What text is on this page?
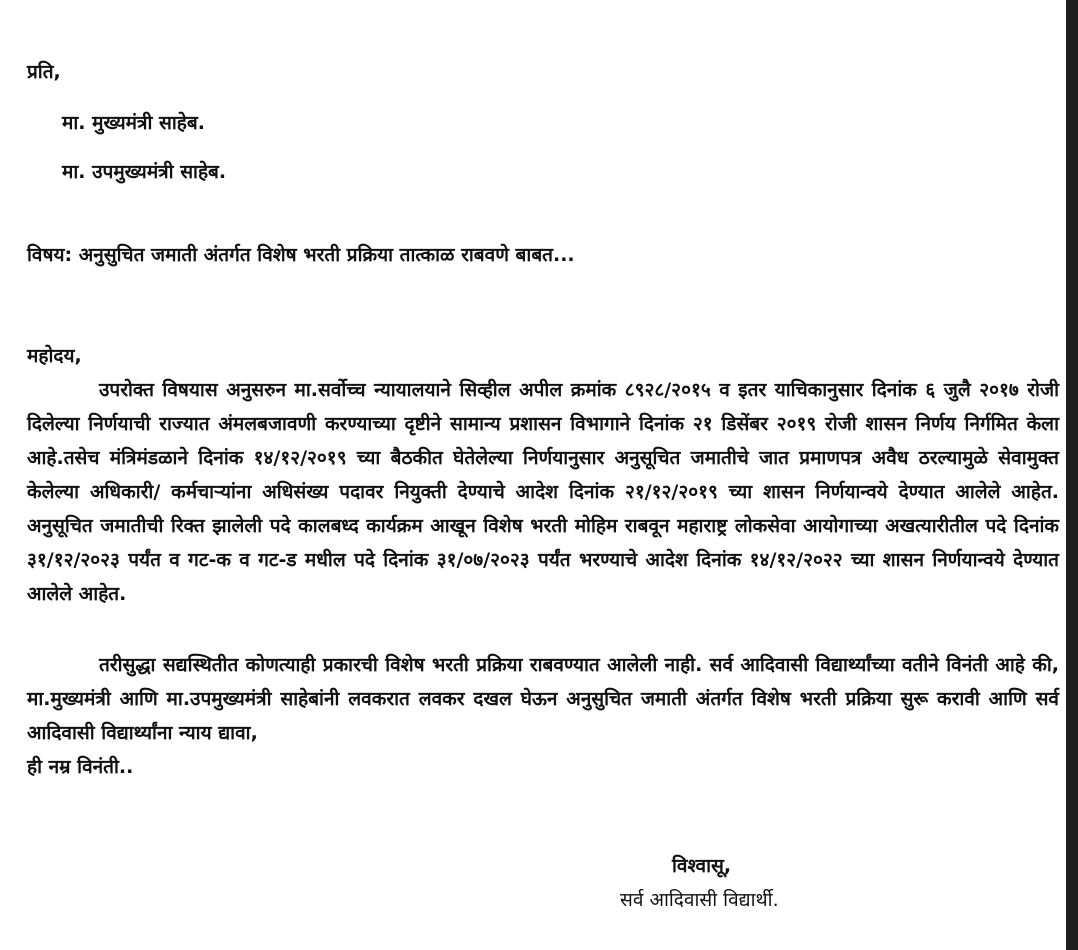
प्रति,
मा. मुख्यमंत्री साहेब.
मा. उपमुख्यमंत्री साहेब.
विषय: अनुसुचित जमाती अंतर्गत विशेष भरती प्रक्रिया तात्काळ राबवणे बाबत...
महोदय,

उपरोक्त विषयास अनुसरुन मा.सर्वोच्च न्यायालयाने सिव्हील अपील क्रमांक ८९२८/२०१५ व इतर याचिकानुसार दिनांक ६ जुलै २०१७ रोजी दिलेल्या निर्णयाची राज्यात अंमलबजावणी करण्याच्या दृष्टीने सामान्य प्रशासन विभागाने दिनांक २१ डिसेंबर २०१९ रोजी शासन निर्णय निर्गमित केला आहे.तसेच मंत्रिमंडळाने दिनांक १४/१२/२०१९ च्या बैठकीत घेतेलेल्या निर्णयानुसार अनुसूचित जमातीचे जात प्रमाणपत्र अवैध ठरल्यामुळे सेवामुक्त केलेल्या अधिकारी/ कर्मचाऱ्यांना अधिसंख्य पदावर नियुक्ती देण्याचे आदेश दिनांक २१/१२/२०१९ च्या शासन निर्णयान्वये देण्यात आलेले आहेत. अनुसूचित जमातीची रिक्त झालेली पदे कालबध्द कार्यक्रम आखून विशेष भरती मोहिम राबवून महाराष्ट्र लोकसेवा आयोगाच्या अखत्यारीतील पदे दिनांक ३१/१२/२०२३ पर्यंत व गट-क व गट-ड मधील पदे दिनांक ३१/०७/२०२३ पर्यंत भरण्याचे आदेश दिनांक १४/१२/२०२२ च्या शासन निर्णयान्वये देण्यात आलेले आहेत.

तरीसुद्धा सद्यस्थितीत कोणत्याही प्रकारची विशेष भरती प्रक्रिया राबवण्यात आलेली नाही. सर्व आदिवासी विद्यार्थ्यांच्या वतीने विनंती आहे की, मा.मुख्यमंत्री आणि मा.उपमुख्यमंत्री साहेबांनी लवकरात लवकर दखल घेऊन अनुसुचित जमाती अंतर्गत विशेष भरती प्रक्रिया सुरू करावी आणि सर्व आदिवासी विद्यार्थ्यांना न्याय द्यावा,

ही नम्र विनंती..
विश्वासू,
सर्व आदिवासी विद्यार्थी.
